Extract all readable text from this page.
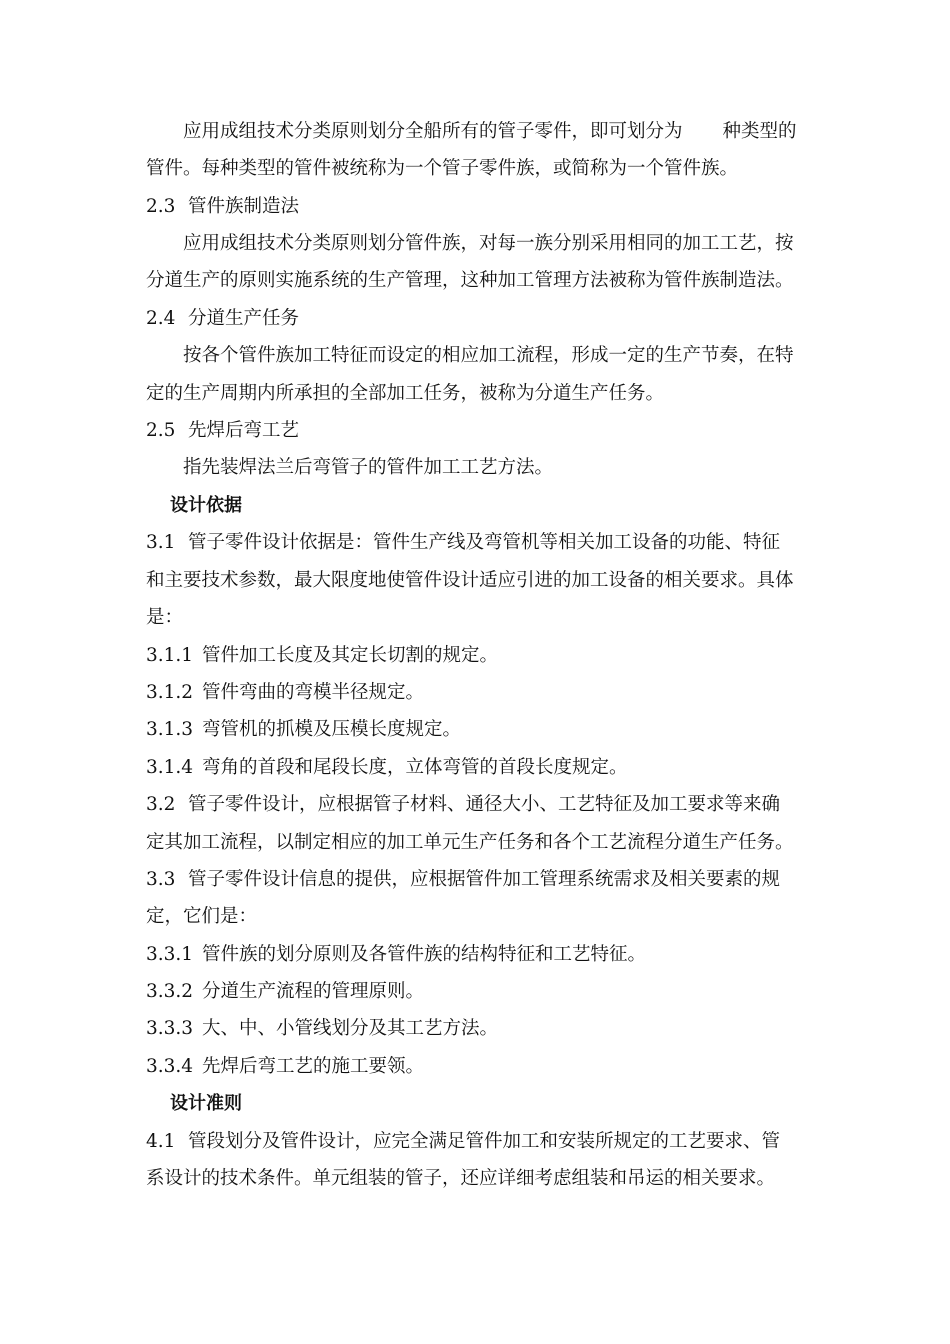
应用成组技术分类原则划分全船所有的管子零件，即可划分为 种类型的
管件。每种类型的管件被统称为一个管子零件族，或简称为一个管件族。
2.3 管件族制造法
应用成组技术分类原则划分管件族，对每一族分别采用相同的加工工艺，按
分道生产的原则实施系统的生产管理，这种加工管理方法被称为管件族制造法。
2.4 分道生产任务
按各个管件族加工特征而设定的相应加工流程，形成一定的生产节奏，在特
定的生产周期内所承担的全部加工任务，被称为分道生产任务。
2.5 先焊后弯工艺
指先装焊法兰后弯管子的管件加工工艺方法。
设计依据
3.1 管子零件设计依据是：管件生产线及弯管机等相关加工设备的功能、特征
和主要技术参数，最大限度地使管件设计适应引进的加工设备的相关要求。具体
是：
3.1.1 管件加工长度及其定长切割的规定。
3.1.2 管件弯曲的弯模半径规定。
3.1.3 弯管机的抓模及压模长度规定。
3.1.4 弯角的首段和尾段长度，立体弯管的首段长度规定。
3.2 管子零件设计，应根据管子材料、通径大小、工艺特征及加工要求等来确
定其加工流程，以制定相应的加工单元生产任务和各个工艺流程分道生产任务。
3.3 管子零件设计信息的提供，应根据管件加工管理系统需求及相关要素的规
定，它们是：
3.3.1 管件族的划分原则及各管件族的结构特征和工艺特征。
3.3.2 分道生产流程的管理原则。
3.3.3 大、中、小管线划分及其工艺方法。
3.3.4 先焊后弯工艺的施工要领。
设计准则
4.1 管段划分及管件设计，应完全满足管件加工和安装所规定的工艺要求、管
系设计的技术条件。单元组装的管子，还应详细考虑组装和吊运的相关要求。
